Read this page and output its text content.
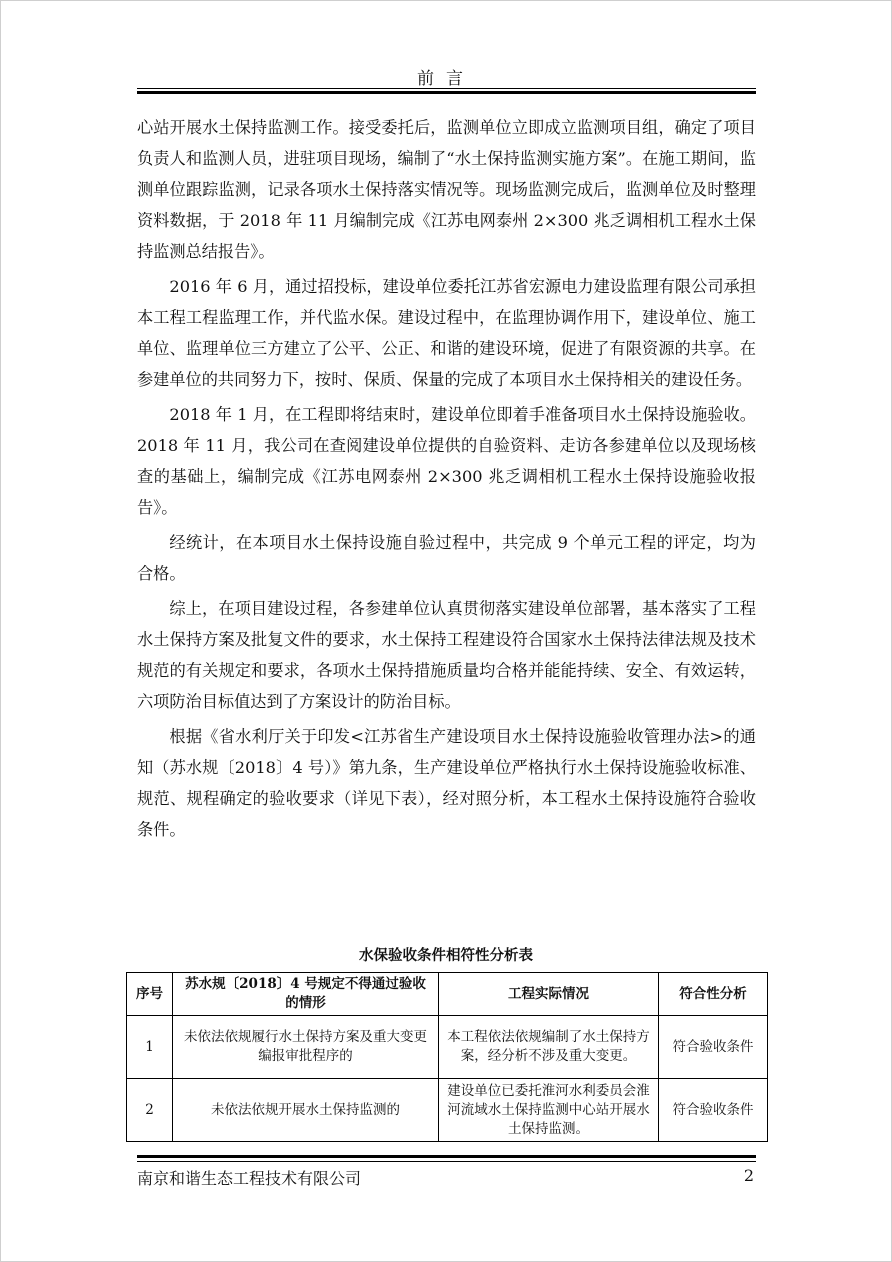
前言

心站开展水土保持监测工作。接受委托后，监测单位立即成立监测项目组，确定了项目负责人和监测人员，进驻项目现场，编制了“水土保持监测实施方案”。在施工期间，监测单位跟踪监测，记录各项水土保持落实情况等。现场监测完成后，监测单位及时整理资料数据，于 2018 年 11 月编制完成《江苏电网泰州 2×300 兆乏调相机工程水土保持监测总结报告》。

2016 年 6 月，通过招投标，建设单位委托江苏省宏源电力建设监理有限公司承担本工程工程监理工作，并代监水保。建设过程中，在监理协调作用下，建设单位、施工单位、监理单位三方建立了公平、公正、和谐的建设环境，促进了有限资源的共享。在参建单位的共同努力下，按时、保质、保量的完成了本项目水土保持相关的建设任务。

2018 年 1 月，在工程即将结束时，建设单位即着手准备项目水土保持设施验收。2018 年 11 月，我公司在查阅建设单位提供的自验资料、走访各参建单位以及现场核查的基础上，编制完成《江苏电网泰州 2×300 兆乏调相机工程水土保持设施验收报告》。

经统计，在本项目水土保持设施自验过程中，共完成 9 个单元工程的评定，均为合格。

综上，在项目建设过程，各参建单位认真贯彻落实建设单位部署，基本落实了工程水土保持方案及批复文件的要求，水土保持工程建设符合国家水土保持法律法规及技术规范的有关规定和要求，各项水土保持措施质量均合格并能能持续、安全、有效运转，六项防治目标值达到了方案设计的防治目标。

根据《省水利厅关于印发<江苏省生产建设项目水土保持设施验收管理办法>的通知（苏水规〔2018〕4 号）》第九条，生产建设单位严格执行水土保持设施验收标准、规范、规程确定的验收要求（详见下表），经对照分析，本工程水土保持设施符合验收条件。

水保验收条件相符性分析表
序号	苏水规〔2018〕4 号规定不得通过验收的情形	工程实际情况	符合性分析
1	未依法依规履行水土保持方案及重大变更编报审批程序的	本工程依法依规编制了水土保持方案，经分析不涉及重大变更。	符合验收条件
2	未依法依规开展水土保持监测的	建设单位已委托淮河水利委员会淮河流域水土保持监测中心站开展水土保持监测。	符合验收条件
南京和谐生态工程技术有限公司	2
